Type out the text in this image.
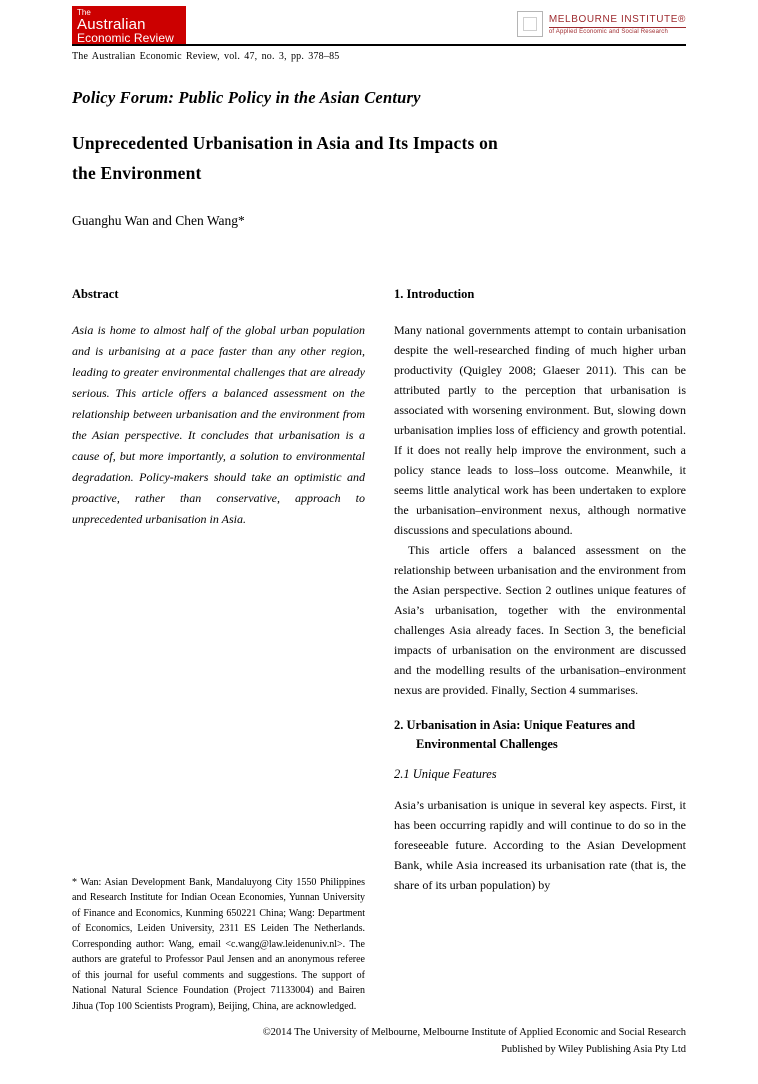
The
Australian
Economic Review
MELBOURNE INSTITUTE®
of Applied Economic and Social Research
The Australian Economic Review, vol. 47, no. 3, pp. 378–85
Policy Forum: Public Policy in the Asian Century
Unprecedented Urbanisation in Asia and Its Impacts on
the Environment
Guanghu Wan and Chen Wang*
Abstract
Asia is home to almost half of the global urban population and is urbanising at a pace faster than any other region, leading to greater environmental challenges that are already serious. This article offers a balanced assessment on the relationship between urbanisation and the environment from the Asian perspective. It concludes that urbanisation is a cause of, but more importantly, a solution to environmental degradation. Policy-makers should take an optimistic and proactive, rather than conservative, approach to unprecedented urbanisation in Asia.
* Wan: Asian Development Bank, Mandaluyong City 1550 Philippines and Research Institute for Indian Ocean Economies, Yunnan University of Finance and Economics, Kunming 650221 China; Wang: Department of Economics, Leiden University, 2311 ES Leiden The Netherlands. Corresponding author: Wang, email <c.wang@law.leidenuniv.nl>. The authors are grateful to Professor Paul Jensen and an anonymous referee of this journal for useful comments and suggestions. The support of National Natural Science Foundation (Project 71133004) and Bairen Jihua (Top 100 Scientists Program), Beijing, China, are acknowledged.
1. Introduction

Many national governments attempt to contain urbanisation despite the well-researched finding of much higher urban productivity (Quigley 2008; Glaeser 2011). This can be attributed partly to the perception that urbanisation is associated with worsening environment. But, slowing down urbanisation implies loss of efficiency and growth potential. If it does not really help improve the environment, such a policy stance leads to loss–loss outcome. Meanwhile, it seems little analytical work has been undertaken to explore the urbanisation–environment nexus, although normative discussions and speculations abound.

This article offers a balanced assessment on the relationship between urbanisation and the environment from the Asian perspective. Section 2 outlines unique features of Asia’s urbanisation, together with the environmental challenges Asia already faces. In Section 3, the beneficial impacts of urbanisation on the environment are discussed and the modelling results of the urbanisation–environment nexus are provided. Finally, Section 4 summarises.

2. Urbanisation in Asia: Unique Features and Environmental Challenges
2.1 Unique Features

Asia’s urbanisation is unique in several key aspects. First, it has been occurring rapidly and will continue to do so in the foreseeable future. According to the Asian Development Bank, while Asia increased its urbanisation rate (that is, the share of its urban population) by

©2014 The University of Melbourne, Melbourne Institute of Applied Economic and Social Research
Published by Wiley Publishing Asia Pty Ltd
